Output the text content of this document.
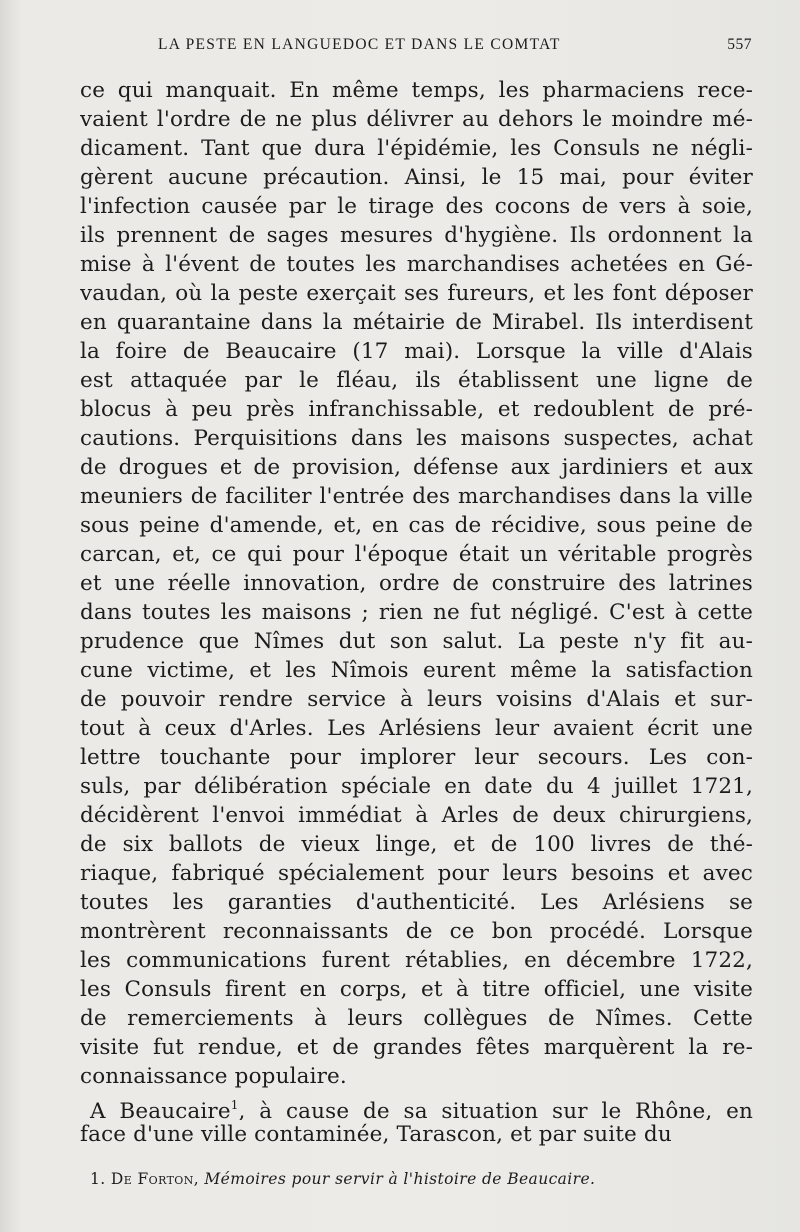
LA PESTE EN LANGUEDOC ET DANS LE COMTAT	557
ce qui manquait. En même temps, les pharmaciens rece-
vaient l'ordre de ne plus délivrer au dehors le moindre mé-
dicament. Tant que dura l'épidémie, les Consuls ne négli-
gèrent aucune précaution. Ainsi, le 15 mai, pour éviter
l'infection causée par le tirage des cocons de vers à soie,
ils prennent de sages mesures d'hygiène. Ils ordonnent la
mise à l'évent de toutes les marchandises achetées en Gé-
vaudan, où la peste exerçait ses fureurs, et les font déposer
en quarantaine dans la métairie de Mirabel. Ils interdisent
la foire de Beaucaire (17 mai). Lorsque la ville d'Alais
est attaquée par le fléau, ils établissent une ligne de
blocus à peu près infranchissable, et redoublent de pré-
cautions. Perquisitions dans les maisons suspectes, achat
de drogues et de provision, défense aux jardiniers et aux
meuniers de faciliter l'entrée des marchandises dans la ville
sous peine d'amende, et, en cas de récidive, sous peine de
carcan, et, ce qui pour l'époque était un véritable progrès
et une réelle innovation, ordre de construire des latrines
dans toutes les maisons ; rien ne fut négligé. C'est à cette
prudence que Nîmes dut son salut. La peste n'y fit au-
cune victime, et les Nîmois eurent même la satisfaction
de pouvoir rendre service à leurs voisins d'Alais et sur-
tout à ceux d'Arles. Les Arlésiens leur avaient écrit une
lettre touchante pour implorer leur secours. Les con-
suls, par délibération spéciale en date du 4 juillet 1721,
décidèrent l'envoi immédiat à Arles de deux chirurgiens,
de six ballots de vieux linge, et de 100 livres de thé-
riaque, fabriqué spécialement pour leurs besoins et avec
toutes les garanties d'authenticité. Les Arlésiens se
montrèrent reconnaissants de ce bon procédé. Lorsque
les communications furent rétablies, en décembre 1722,
les Consuls firent en corps, et à titre officiel, une visite
de remerciements à leurs collègues de Nîmes. Cette
visite fut rendue, et de grandes fêtes marquèrent la re-
connaissance populaire.
A Beaucaire$^1$, à cause de sa situation sur le Rhône, en
face d'une ville contaminée, Tarascon, et par suite du
1. De Forton, Mémoires pour servir à l'histoire de Beaucaire.
